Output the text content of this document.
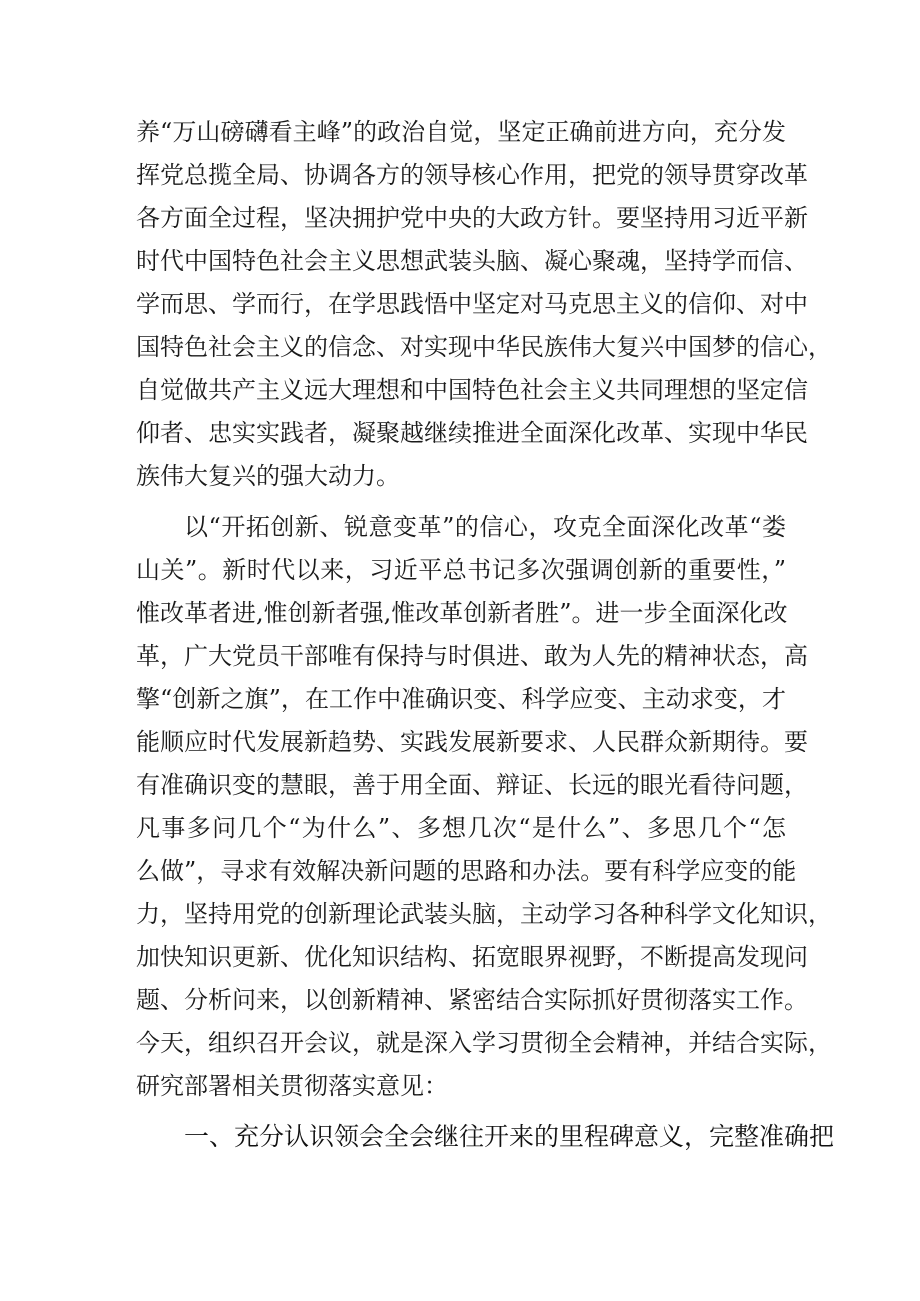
养“万山磅礴看主峰”的政治自觉，坚定正确前进方向，充分发
挥党总揽全局、协调各方的领导核心作用，把党的领导贯穿改革
各方面全过程，坚决拥护党中央的大政方针。要坚持用习近平新
时代中国特色社会主义思想武装头脑、凝心聚魂，坚持学而信、
学而思、学而行，在学思践悟中坚定对马克思主义的信仰、对中
国特色社会主义的信念、对实现中华民族伟大复兴中国梦的信心，
自觉做共产主义远大理想和中国特色社会主义共同理想的坚定信
仰者、忠实实践者，凝聚越继续推进全面深化改革、实现中华民
族伟大复兴的强大动力。
以“开拓创新、锐意变革”的信心，攻克全面深化改革“娄
山关”。新时代以来，习近平总书记多次强调创新的重要性，”
惟改革者进,惟创新者强,惟改革创新者胜”。进一步全面深化改
革，广大党员干部唯有保持与时俱进、敢为人先的精神状态，高
擎“创新之旗”，在工作中准确识变、科学应变、主动求变，才
能顺应时代发展新趋势、实践发展新要求、人民群众新期待。要
有准确识变的慧眼，善于用全面、辩证、长远的眼光看待问题，
凡事多问几个“为什么”、多想几次“是什么”、多思几个“怎
么做”，寻求有效解决新问题的思路和办法。要有科学应变的能
力，坚持用党的创新理论武装头脑，主动学习各种科学文化知识，
加快知识更新、优化知识结构、拓宽眼界视野，不断提高发现问
题、分析问来，以创新精神、紧密结合实际抓好贯彻落实工作。
今天，组织召开会议，就是深入学习贯彻全会精神，并结合实际，
研究部署相关贯彻落实意见：
一、充分认识领会全会继往开来的里程碑意义，完整准确把
